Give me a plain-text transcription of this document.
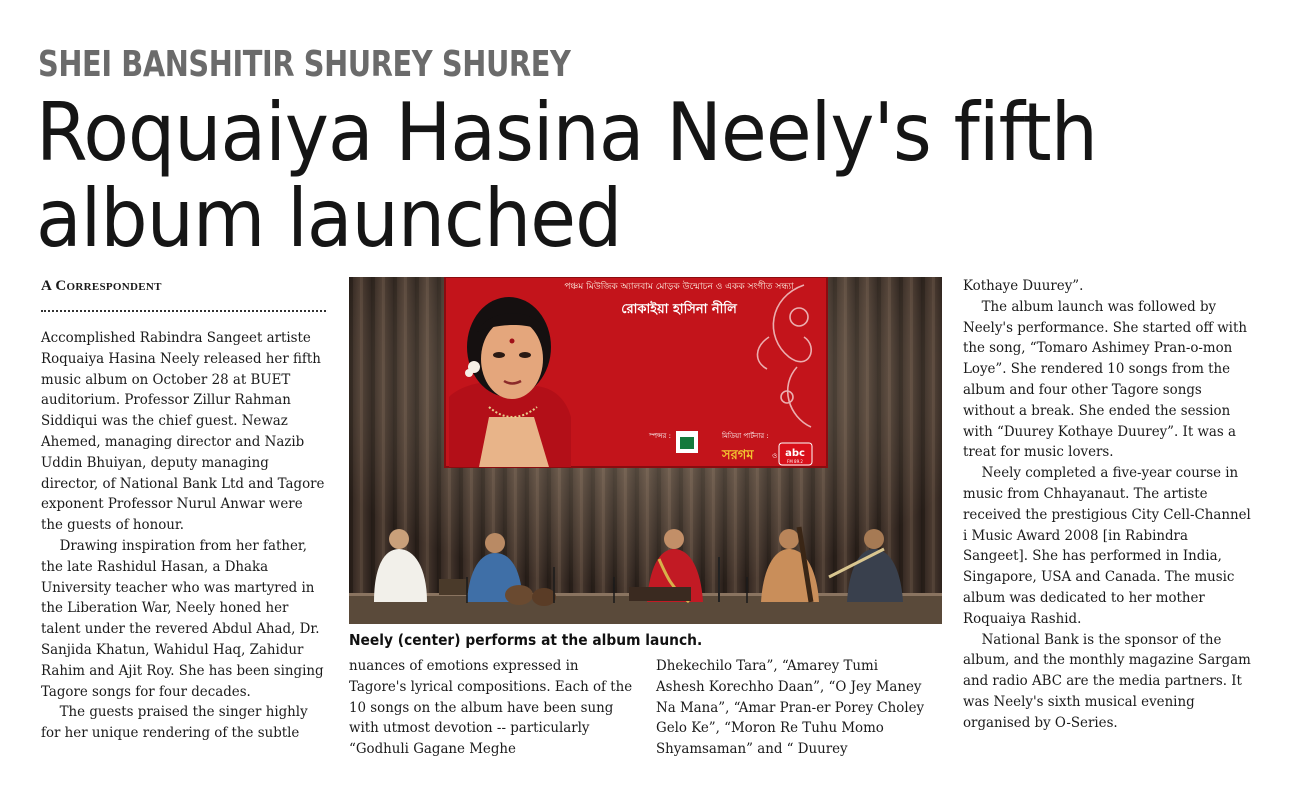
SHEI BANSHITIR SHUREY SHUREY
Roquaiya Hasina Neely's fifth
album launched

A Correspondent

Accomplished Rabindra Sangeet artiste Roquaiya Hasina Neely released her fifth music album on October 28 at BUET auditorium. Professor Zillur Rahman Siddiqui was the chief guest. Newaz Ahemed, managing director and Nazib Uddin Bhuiyan, deputy managing director, of National Bank Ltd and Tagore exponent Professor Nurul Anwar were the guests of honour.

Drawing inspiration from her father, the late Rashidul Hasan, a Dhaka University teacher who was martyred in the Liberation War, Neely honed her talent under the revered Abdul Ahad, Dr. Sanjida Khatun, Wahidul Haq, Zahidur Rahim and Ajit Roy. She has been singing Tagore songs for four decades.

The guests praised the singer highly for her unique rendering of the subtle

পঞ্চম মিউজিক অ্যালবাম মোড়ক উন্মোচন ও একক সংগীত সন্ধ্যা
রোকাইয়া হাসিনা নীলি
স্পন্সর :	মিডিয়া পার্টনার :
সরগম	ও abc
FM 89.2

Neely (center) performs at the album launch.

nuances of emotions expressed in Tagore's lyrical compositions. Each of the 10 songs on the album have been sung with utmost devotion -- particularly “Godhuli Gagane Meghe

Dhekechilo Tara”, “Amarey Tumi Ashesh Korechho Daan”, “O Jey Maney Na Mana”, “Amar Pran-er Porey Choley Gelo Ke”, “Moron Re Tuhu Momo Shyamsaman” and “ Duurey

Kothaye Duurey”.

The album launch was followed by Neely's performance. She started off with the song, “Tomaro Ashimey Pran-o-mon Loye”. She rendered 10 songs from the album and four other Tagore songs without a break. She ended the session with “Duurey Kothaye Duurey”. It was a treat for music lovers.

Neely completed a five-year course in music from Chhayanaut. The artiste received the prestigious City Cell-Channel i Music Award 2008 [in Rabindra Sangeet]. She has performed in India, Singapore, USA and Canada. The music album was dedicated to her mother Roquaiya Rashid.

National Bank is the sponsor of the album, and the monthly magazine Sargam and radio ABC are the media partners. It was Neely's sixth musical evening organised by O-Series.
